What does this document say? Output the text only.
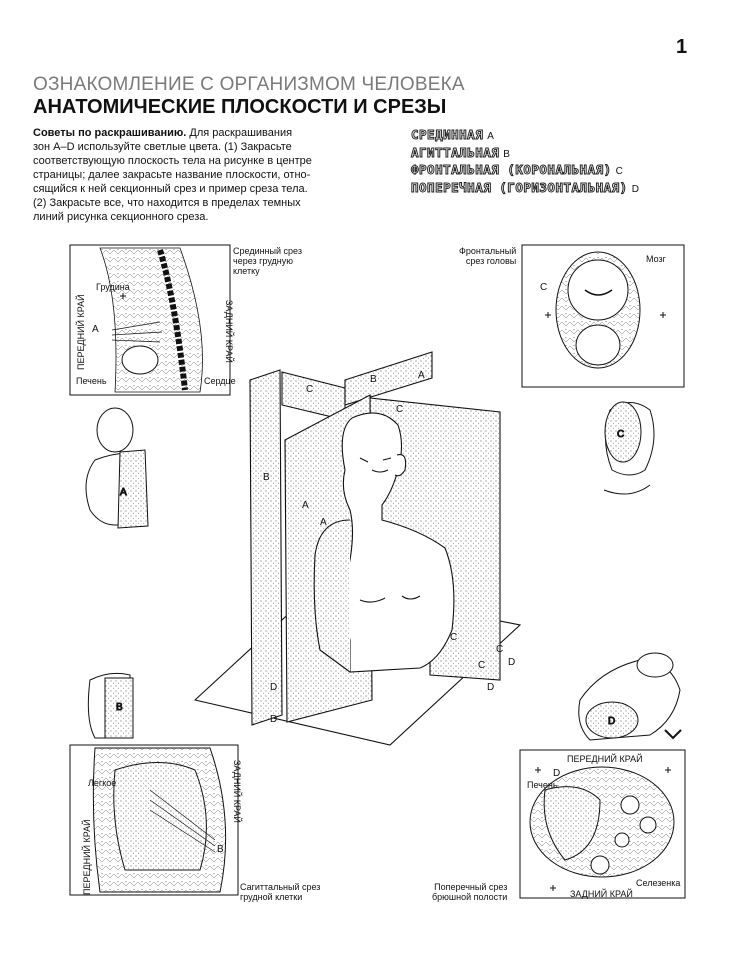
1
ОЗНАКОМЛЕНИЕ С ОРГАНИЗМОМ ЧЕЛОВЕКА
АНАТОМИЧЕСКИЕ ПЛОСКОСТИ И СРЕЗЫ
Советы по раскрашиванию. Для раскрашивания
зон A–D используйте светлые цвета. (1) Закрасьте
соответствующую плоскость тела на рисунке в центре
страницы; далее закрасьте название плоскости, отно-
сящийся к ней секционный срез и пример среза тела.
(2) Закрасьте все, что находится в пределах темных
линий рисунка секционного среза.
СРЕДИННАЯ A
АГИТТАЛЬНАЯ B
ФРОНТАЛЬНАЯ (КОРОНАЛЬНАЯ) C
ПОПЕРЕЧНАЯ (ГОРИЗОНТАЛЬНАЯ) D
Срединный срез
через грудную
клетку
Фронтальный
срез головы
Сагиттальный срез
грудной клетки
Поперечный срез
брюшной полости
B
C
B	A
C
A
A
C
C
C
D
D
D
D
Грудина
A
Печень	Сердце
ПЕРЕДНИЙ КРАЙ	ЗАДНИЙ КРАЙ
A
Мозг
C
C
B
D
Легкое
B
ПЕРЕДНИЙ КРАЙ
ЗАДНИЙ КРАЙ
ПЕРЕДНИЙ КРАЙ
D
Печень
Селезенка
ЗАДНИЙ КРАЙ
